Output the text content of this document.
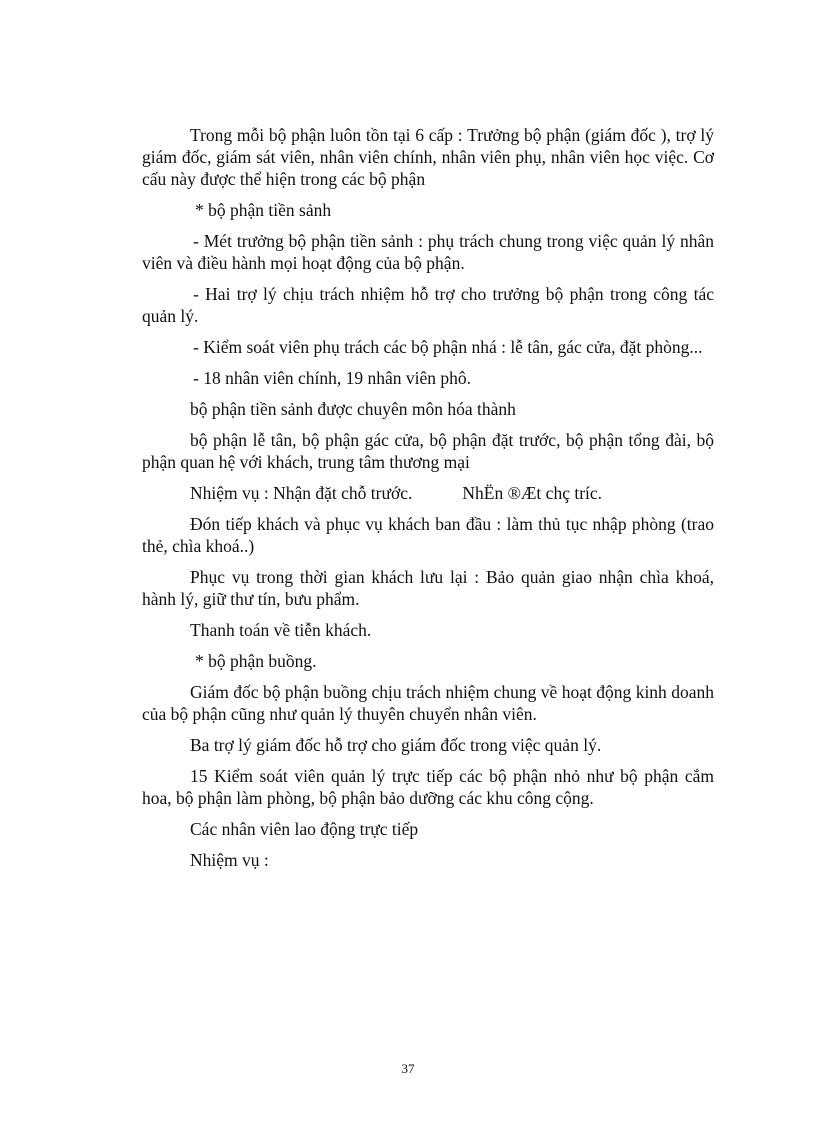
Trong mỗi bộ phận luôn tồn tại 6 cấp : Trưởng bộ phận (giám đốc ), trợ lý giám đốc, giám sát viên, nhân viên chính, nhân viên phụ, nhân viên học việc. Cơ cấu này được thể hiện trong các bộ phận

* bộ phận tiền sảnh

- Mét trưởng bộ phận tiền sảnh : phụ trách chung trong việc quản lý nhân viên và điều hành mọi hoạt động của bộ phận.

- Hai trợ lý chịu trách nhiệm hỗ trợ cho trưởng bộ phận trong công tác quản lý.

- Kiểm soát viên phụ trách các bộ phận nhá : lễ tân, gác cửa, đặt phòng...

- 18 nhân viên chính, 19 nhân viên phô.

bộ phận tiền sảnh được chuyên môn hóa thành

bộ phận lễ tân, bộ phận gác cửa, bộ phận đặt trước, bộ phận tổng đài, bộ phận quan hệ với khách, trung tâm thương mại

Nhiệm vụ : Nhận đặt chỗ trước.	NhËn ®Æt chç tríc.

Đón tiếp khách và phục vụ khách ban đầu : làm thủ tục nhập phòng (trao thẻ, chìa khoá..)

Phục vụ trong thời gian khách lưu lại : Bảo quản giao nhận chìa khoá, hành lý, giữ thư tín, bưu phẩm.

Thanh toán về tiễn khách.

* bộ phận buồng.

Giám đốc bộ phận buồng chịu trách nhiệm chung về hoạt động kinh doanh của bộ phận cũng như quản lý thuyên chuyển nhân viên.

Ba trợ lý giám đốc hỗ trợ cho giám đốc trong việc quản lý.

15 Kiểm soát viên quản lý trực tiếp các bộ phận nhỏ như bộ phận cắm hoa, bộ phận làm phòng, bộ phận bảo dưỡng các khu công cộng.

Các nhân viên lao động trực tiếp

Nhiệm vụ :

37
